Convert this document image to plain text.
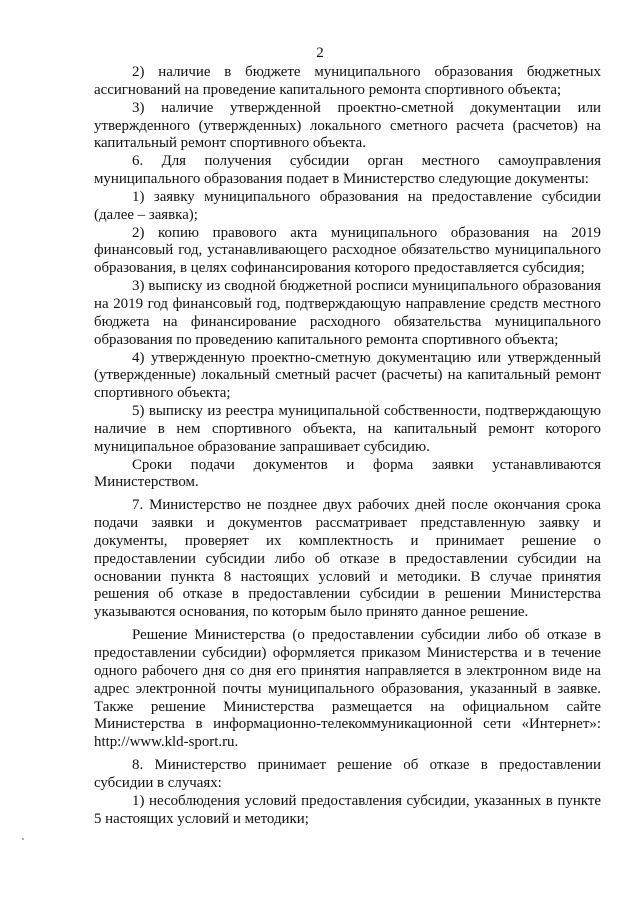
2

2) наличие в бюджете муниципального образования бюджетных ассигнований на проведение капитального ремонта спортивного объекта;

3) наличие утвержденной проектно-сметной документации или утвержденного (утвержденных) локального сметного расчета (расчетов) на капитальный ремонт спортивного объекта.

6. Для получения субсидии орган местного самоуправления муниципального образования подает в Министерство следующие документы:

1) заявку муниципального образования на предоставление субсидии (далее – заявка);

2) копию правового акта муниципального образования на 2019 финансовый год, устанавливающего расходное обязательство муниципального образования, в целях софинансирования которого предоставляется субсидия;

3) выписку из сводной бюджетной росписи муниципального образования на 2019 год финансовый год, подтверждающую направление средств местного бюджета на финансирование расходного обязательства муниципального образования по проведению капитального ремонта спортивного объекта;

4) утвержденную проектно-сметную документацию или утвержденный (утвержденные) локальный сметный расчет (расчеты) на капитальный ремонт спортивного объекта;

5) выписку из реестра муниципальной собственности, подтверждающую наличие в нем спортивного объекта, на капитальный ремонт которого муниципальное образование запрашивает субсидию.

Сроки подачи документов и форма заявки устанавливаются Министерством.

7. Министерство не позднее двух рабочих дней после окончания срока подачи заявки и документов рассматривает представленную заявку и документы, проверяет их комплектность и принимает решение о предоставлении субсидии либо об отказе в предоставлении субсидии на основании пункта 8 настоящих условий и методики. В случае принятия решения об отказе в предоставлении субсидии в решении Министерства указываются основания, по которым было принято данное решение.

Решение Министерства (о предоставлении субсидии либо об отказе в предоставлении субсидии) оформляется приказом Министерства и в течение одного рабочего дня со дня его принятия направляется в электронном виде на адрес электронной почты муниципального образования, указанный в заявке. Также решение Министерства размещается на официальном сайте Министерства в информационно-телекоммуникационной сети «Интернет»: http://www.kld-sport.ru.

8. Министерство принимает решение об отказе в предоставлении субсидии в случаях:

1) несоблюдения условий предоставления субсидии, указанных в пункте 5 настоящих условий и методики;
